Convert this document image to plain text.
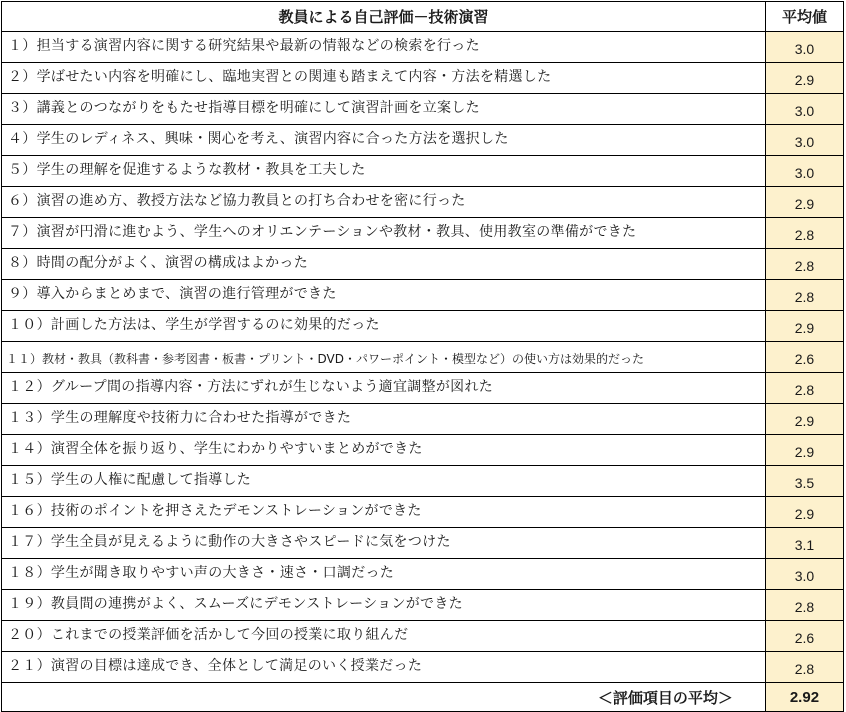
教員による自己評価－技術演習	平均値
１）担当する演習内容に関する研究結果や最新の情報などの検索を行った	3.0
２）学ばせたい内容を明確にし、臨地実習との関連も踏まえて内容・方法を精選した	2.9
３）講義とのつながりをもたせ指導目標を明確にして演習計画を立案した	3.0
４）学生のレディネス、興味・関心を考え、演習内容に合った方法を選択した	3.0
５）学生の理解を促進するような教材・教具を工夫した	3.0
６）演習の進め方、教授方法など協力教員との打ち合わせを密に行った	2.9
７）演習が円滑に進むよう、学生へのオリエンテーションや教材・教具、使用教室の準備ができた	2.8
８）時間の配分がよく、演習の構成はよかった	2.8
９）導入からまとめまで、演習の進行管理ができた	2.8
１０）計画した方法は、学生が学習するのに効果的だった	2.9
１１）教材・教具（教科書・参考図書・板書・プリント・DVD・パワーポイント・模型など）の使い方は効果的だった	2.6
１２）グループ間の指導内容・方法にずれが生じないよう適宜調整が図れた	2.8
１３）学生の理解度や技術力に合わせた指導ができた	2.9
１４）演習全体を振り返り、学生にわかりやすいまとめができた	2.9
１５）学生の人権に配慮して指導した	3.5
１６）技術のポイントを押さえたデモンストレーションができた	2.9
１７）学生全員が見えるように動作の大きさやスピードに気をつけた	3.1
１８）学生が聞き取りやすい声の大きさ・速さ・口調だった	3.0
１９）教員間の連携がよく、スムーズにデモンストレーションができた	2.8
２０）これまでの授業評価を活かして今回の授業に取り組んだ	2.6
２１）演習の目標は達成でき、全体として満足のいく授業だった	2.8
＜評価項目の平均＞	2.92
